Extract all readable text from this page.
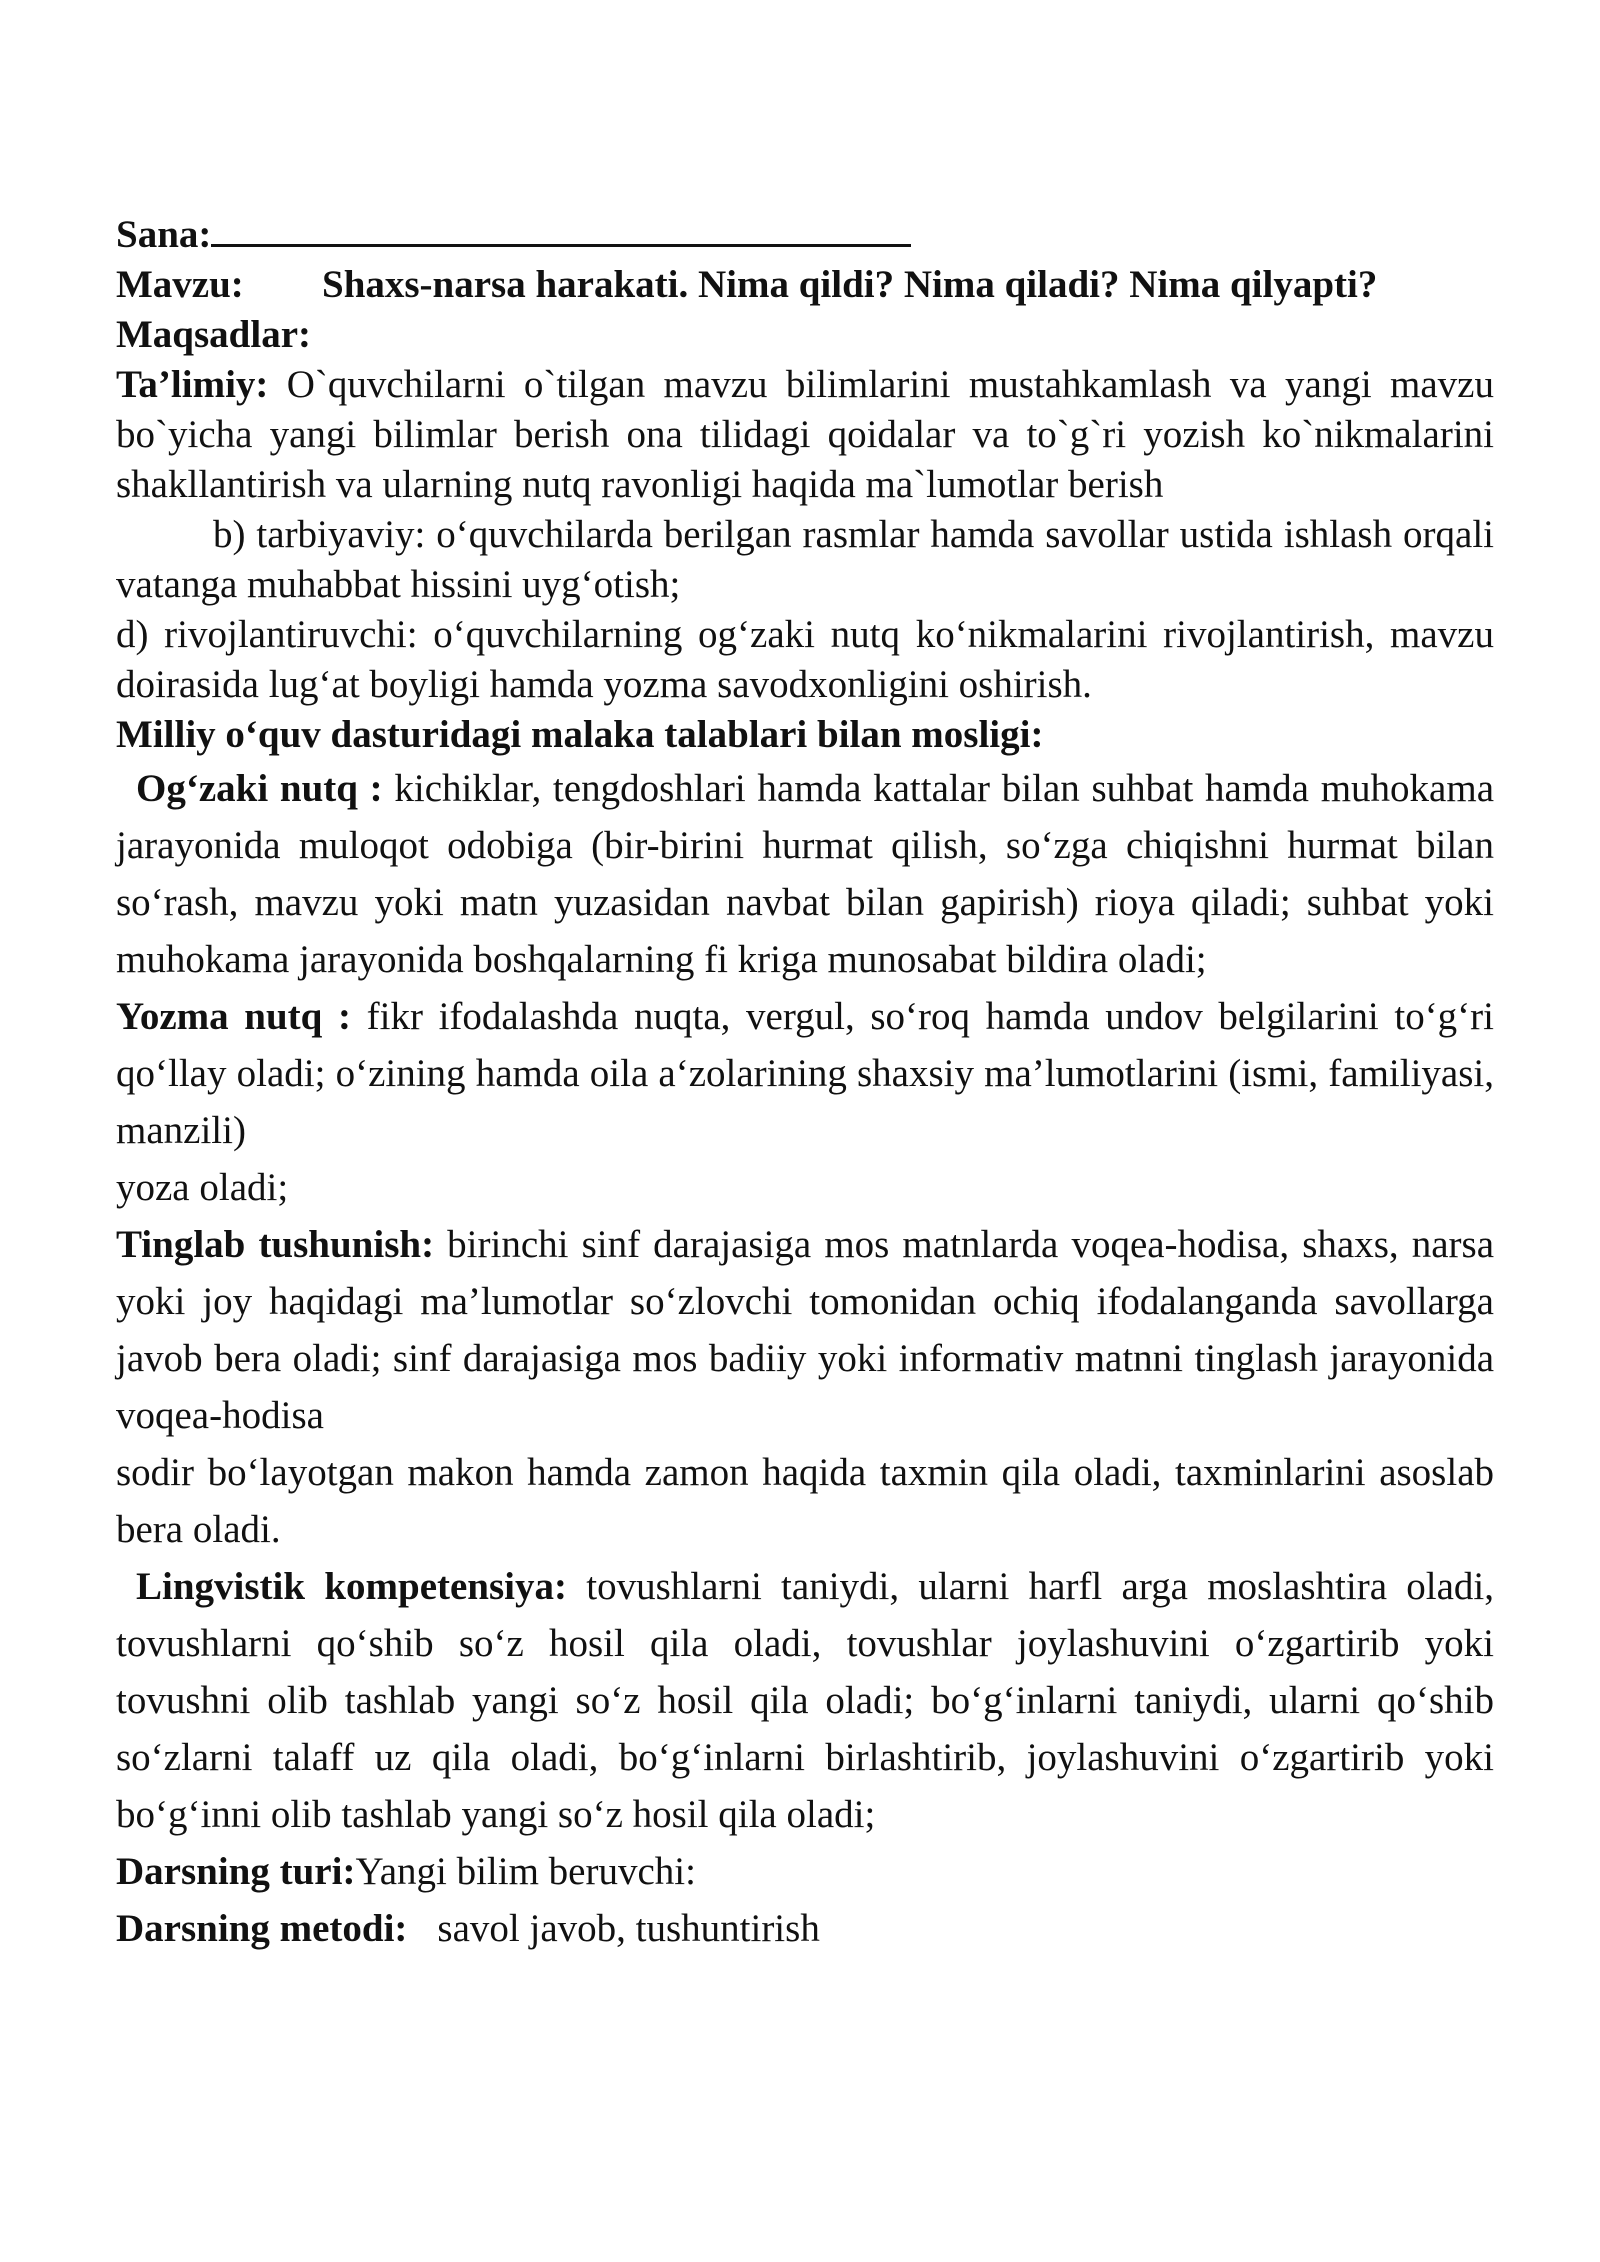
Sana:
Mavzu: Shaxs-narsa harakati. Nima qildi? Nima qiladi? Nima qilyapti?
Maqsadlar:
Ta’limiy: O`quvchilarni o`tilgan mavzu bilimlarini mustahkamlash va yangi mavzu bo`yicha yangi bilimlar berish ona tilidagi qoidalar va to`g`ri yozish ko`nikmalarini shakllantirish va ularning nutq ravonligi haqida ma`lumotlar berish
b) tarbiyaviy: o‘quvchilarda berilgan rasmlar hamda savollar ustida ishlash orqali vatanga muhabbat hissini uyg‘otish;
d) rivojlantiruvchi: o‘quvchilarning og‘zaki nutq ko‘nikmalarini rivojlantirish, mavzu doirasida lug‘at boyligi hamda yozma savodxonligini oshirish.
Milliy o‘quv dasturidagi malaka talablari bilan mosligi:
Og‘zaki nutq : kichiklar, tengdoshlari hamda kattalar bilan suhbat hamda muhokama jarayonida muloqot odobiga (bir-birini hurmat qilish, so‘zga chiqishni hurmat bilan so‘rash, mavzu yoki matn yuzasidan navbat bilan gapirish) rioya qiladi; suhbat yoki muhokama jarayonida boshqalarning fi kriga munosabat bildira oladi;
Yozma nutq : fikr ifodalashda nuqta, vergul, so‘roq hamda undov belgilarini to‘g‘ri qo‘llay oladi; o‘zining hamda oila a‘zolarining shaxsiy ma’lumotlarini (ismi, familiyasi, manzili)
yoza oladi;
Tinglab tushunish: birinchi sinf darajasiga mos matnlarda voqea-hodisa, shaxs, narsa yoki joy haqidagi ma’lumotlar so‘zlovchi tomonidan ochiq ifodalanganda savollarga javob bera oladi; sinf darajasiga mos badiiy yoki informativ matnni tinglash jarayonida voqea-hodisa
sodir bo‘layotgan makon hamda zamon haqida taxmin qila oladi, taxminlarini asoslab bera oladi.
Lingvistik kompetensiya: tovushlarni taniydi, ularni harfl arga moslashtira oladi, tovushlarni qo‘shib so‘z hosil qila oladi, tovushlar joylashuvini o‘zgartirib yoki tovushni olib tashlab yangi so‘z hosil qila oladi; bo‘g‘inlarni taniydi, ularni qo‘shib so‘zlarni talaff uz qila oladi, bo‘g‘inlarni birlashtirib, joylashuvini o‘zgartirib yoki bo‘g‘inni olib tashlab yangi so‘z hosil qila oladi;
Darsning turi:Yangi bilim beruvchi:
Darsning metodi: savol javob, tushuntirish
